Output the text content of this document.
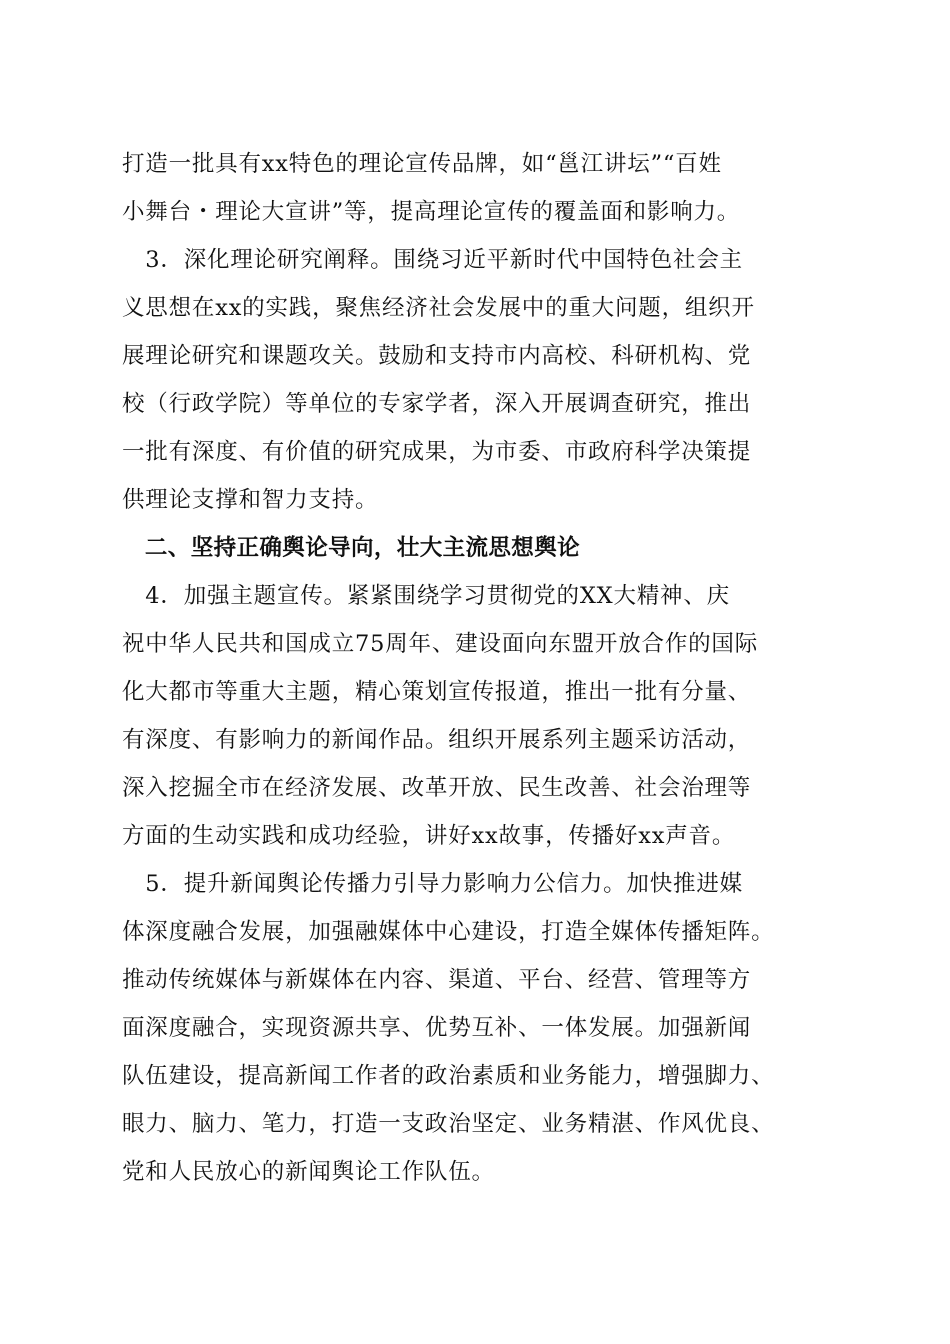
打造一批具有xx特色的理论宣传品牌，如“邕江讲坛”“百姓
小舞台・理论大宣讲”等，提高理论宣传的覆盖面和影响力。
　3．深化理论研究阐释。围绕习近平新时代中国特色社会主
义思想在xx的实践，聚焦经济社会发展中的重大问题，组织开
展理论研究和课题攻关。鼓励和支持市内高校、科研机构、党
校（行政学院）等单位的专家学者，深入开展调查研究，推出
一批有深度、有价值的研究成果，为市委、市政府科学决策提
供理论支撑和智力支持。
　二、坚持正确舆论导向，壮大主流思想舆论
　4．加强主题宣传。紧紧围绕学习贯彻党的XX大精神、庆
祝中华人民共和国成立75周年、建设面向东盟开放合作的国际
化大都市等重大主题，精心策划宣传报道，推出一批有分量、
有深度、有影响力的新闻作品。组织开展系列主题采访活动，
深入挖掘全市在经济发展、改革开放、民生改善、社会治理等
方面的生动实践和成功经验，讲好xx故事，传播好xx声音。
　5．提升新闻舆论传播力引导力影响力公信力。加快推进媒
体深度融合发展，加强融媒体中心建设，打造全媒体传播矩阵。
推动传统媒体与新媒体在内容、渠道、平台、经营、管理等方
面深度融合，实现资源共享、优势互补、一体发展。加强新闻
队伍建设，提高新闻工作者的政治素质和业务能力，增强脚力、
眼力、脑力、笔力，打造一支政治坚定、业务精湛、作风优良、
党和人民放心的新闻舆论工作队伍。
